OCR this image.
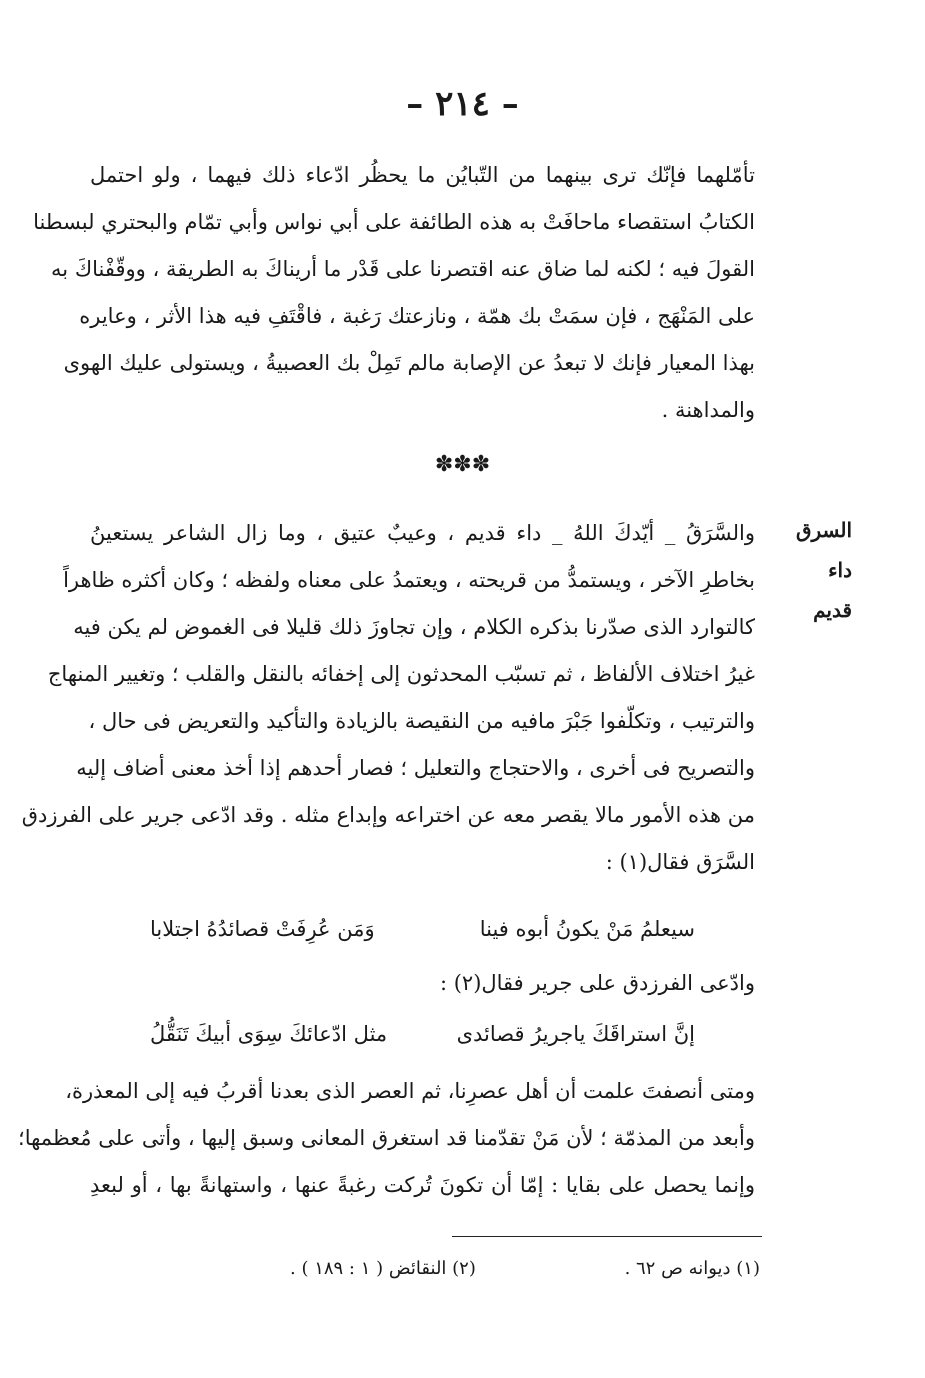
– ٢١٤ –
تأمّلهما فإنّك ترى بينهما من التّبايُن ما يحظُر ادّعاء ذلك فيهما ، ولو احتمل
الكتابُ استقصاء ماحافَتْ به هذه الطائفة على أبي نواس وأبي تمّام والبحتري لبسطنا
القولَ فيه ؛ لكنه لما ضاق عنه اقتصرنا على قَدْر ما أريناكَ به الطريقة ، ووقّفْناكَ به
على المَنْهَج ، فإن سمَتْ بك همّة ، ونازعتك رَغبة ، فاقْتَفِ فيه هذا الأثر ، وعايره
بهذا المعيار فإنك لا تبعدُ عن الإصابة مالم تَمِلْ بك العصبيةُ ، ويستولى عليك الهوى
والمداهنة .
✽✽✽
السرق داء
قديم
والسَّرَقُ _ أيّدكَ اللهُ _ داء قديم ، وعيبٌ عتيق ، وما زال الشاعر يستعينُ
بخاطرِ الآخر ، ويستمدُّ من قريحته ، ويعتمدُ على معناه ولفظه ؛ وكان أكثره ظاهراً
كالتوارد الذى صدّرنا بذكره الكلام ، وإن تجاوزَ ذلك قليلا فى الغموض لم يكن فيه
غيرُ اختلاف الألفاظ ، ثم تسبّب المحدثون إلى إخفائه بالنقل والقلب ؛ وتغيير المنهاج
والترتيب ، وتكلّفوا جَبْرَ مافيه من النقيصة بالزيادة والتأكيد والتعريض فى حال ،
والتصريح فى أخرى ، والاحتجاج والتعليل ؛ فصار أحدهم إذا أخذ معنى أضاف إليه
من هذه الأمور مالا يقصر معه عن اختراعه وإبداع مثله . وقد ادّعى جرير على الفرزدق
السَّرَق فقال(١) :
سيعلمُ مَنْ يكونُ أبوه فينا
وَمَن عُرِفَتْ قصائدُهُ اجتلابا
وادّعى الفرزدق على جرير فقال(٢) :
إنَّ استراقَكَ ياجريرُ قصائدى
مثل ادّعائكَ سِوَى أبيكَ تَنَقُّلُ
ومتى أنصفتَ علمت أن أهل عصرِنا، ثم العصر الذى بعدنا أقربُ فيه إلى المعذرة،
وأبعد من المذمّة ؛ لأن مَنْ تقدّمنا قد استغرق المعانى وسبق إليها ، وأتى على مُعظمها؛
وإنما يحصل على بقايا : إمّا أن تكونَ تُركت رغبةً عنها ، واستهانةً بها ، أو لبعدِ
(١) ديوانه ص ٦٢ .
(٢) النقائض ( ١ : ١٨٩ ) .
